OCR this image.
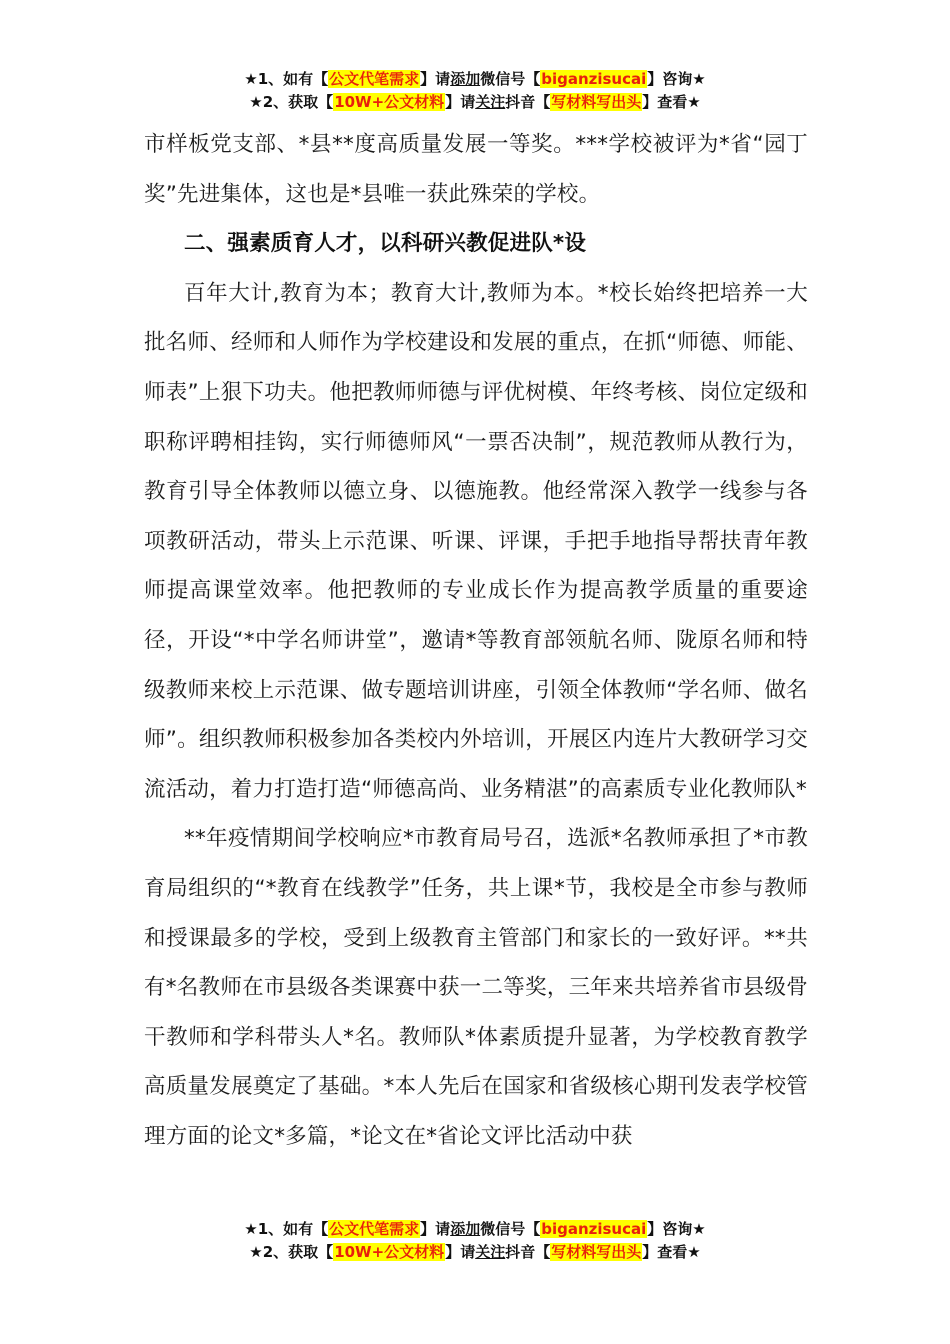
★1、如有【公文代笔需求】请添加微信号【biganzisucai】咨询★
★2、获取【10W+公文材料】请关注抖音【写材料写出头】查看★

市样板党支部、*县**度高质量发展一等奖。***学校被评为*省“园丁奖”先进集体，这也是*县唯一获此殊荣的学校。

二、强素质育人才，以科研兴教促进队*设

百年大计,教育为本；教育大计,教师为本。*校长始终把培养一大批名师、经师和人师作为学校建设和发展的重点，在抓“师德、师能、师表”上狠下功夫。他把教师师德与评优树模、年终考核、岗位定级和职称评聘相挂钩，实行师德师风“一票否决制”，规范教师从教行为，教育引导全体教师以德立身、以德施教。他经常深入教学一线参与各项教研活动，带头上示范课、听课、评课，手把手地指导帮扶青年教师提高课堂效率。他把教师的专业成长作为提高教学质量的重要途径，开设“*中学名师讲堂”，邀请*等教育部领航名师、陇原名师和特级教师来校上示范课、做专题培训讲座，引领全体教师“学名师、做名师”。组织教师积极参加各类校内外培训，开展区内连片大教研学习交流活动，着力打造打造“师德高尚、业务精湛”的高素质专业化教师队*

**年疫情期间学校响应*市教育局号召，选派*名教师承担了*市教育局组织的“*教育在线教学”任务，共上课*节，我校是全市参与教师和授课最多的学校，受到上级教育主管部门和家长的一致好评。**共有*名教师在市县级各类课赛中获一二等奖，三年来共培养省市县级骨干教师和学科带头人*名。教师队*体素质提升显著，为学校教育教学高质量发展奠定了基础。*本人先后在国家和省级核心期刊发表学校管理方面的论文*多篇，*论文在*省论文评比活动中获

★1、如有【公文代笔需求】请添加微信号【biganzisucai】咨询★
★2、获取【10W+公文材料】请关注抖音【写材料写出头】查看★
